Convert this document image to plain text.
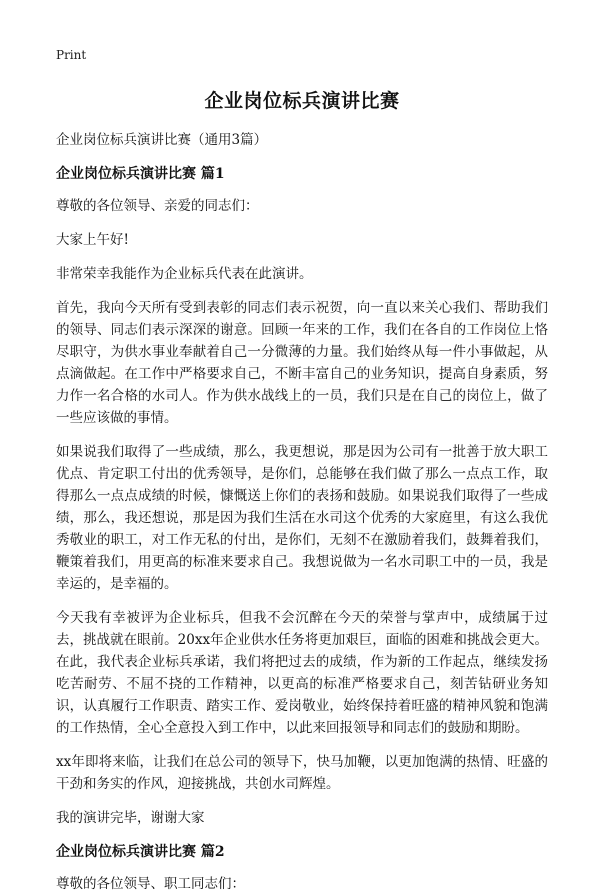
Print
企业岗位标兵演讲比赛
企业岗位标兵演讲比赛（通用3篇）
企业岗位标兵演讲比赛 篇1
尊敬的各位领导、亲爱的同志们：
大家上午好!
非常荣幸我能作为企业标兵代表在此演讲。
首先，我向今天所有受到表彰的同志们表示祝贺，向一直以来关心我们、帮助我们的领导、同志们表示深深的谢意。回顾一年来的工作，我们在各自的工作岗位上恪尽职守，为供水事业奉献着自己一分微薄的力量。我们始终从每一件小事做起，从点滴做起。在工作中严格要求自己，不断丰富自己的业务知识，提高自身素质，努力作一名合格的水司人。作为供水战线上的一员，我们只是在自己的岗位上，做了一些应该做的事情。
如果说我们取得了一些成绩，那么，我更想说，那是因为公司有一批善于放大职工优点、肯定职工付出的优秀领导，是你们，总能够在我们做了那么一点点工作，取得那么一点点成绩的时候，慷慨送上你们的表扬和鼓励。如果说我们取得了一些成绩，那么，我还想说，那是因为我们生活在水司这个优秀的大家庭里，有这么我优秀敬业的职工，对工作无私的付出，是你们，无刻不在激励着我们，鼓舞着我们，鞭策着我们，用更高的标准来要求自己。我想说做为一名水司职工中的一员，我是幸运的，是幸福的。
今天我有幸被评为企业标兵，但我不会沉醉在今天的荣誉与掌声中，成绩属于过去，挑战就在眼前。20xx年企业供水任务将更加艰巨，面临的困难和挑战会更大。在此，我代表企业标兵承诺，我们将把过去的成绩，作为新的工作起点，继续发扬吃苦耐劳、不屈不挠的工作精神，以更高的标准严格要求自己，刻苦钻研业务知识，认真履行工作职责、踏实工作、爱岗敬业，始终保持着旺盛的精神风貌和饱满的工作热情，全心全意投入到工作中，以此来回报领导和同志们的鼓励和期盼。
xx年即将来临，让我们在总公司的领导下，快马加鞭，以更加饱满的热情、旺盛的干劲和务实的作风，迎接挑战，共创水司辉煌。
我的演讲完毕，谢谢大家
企业岗位标兵演讲比赛 篇2
尊敬的各位领导、职工同志们：
